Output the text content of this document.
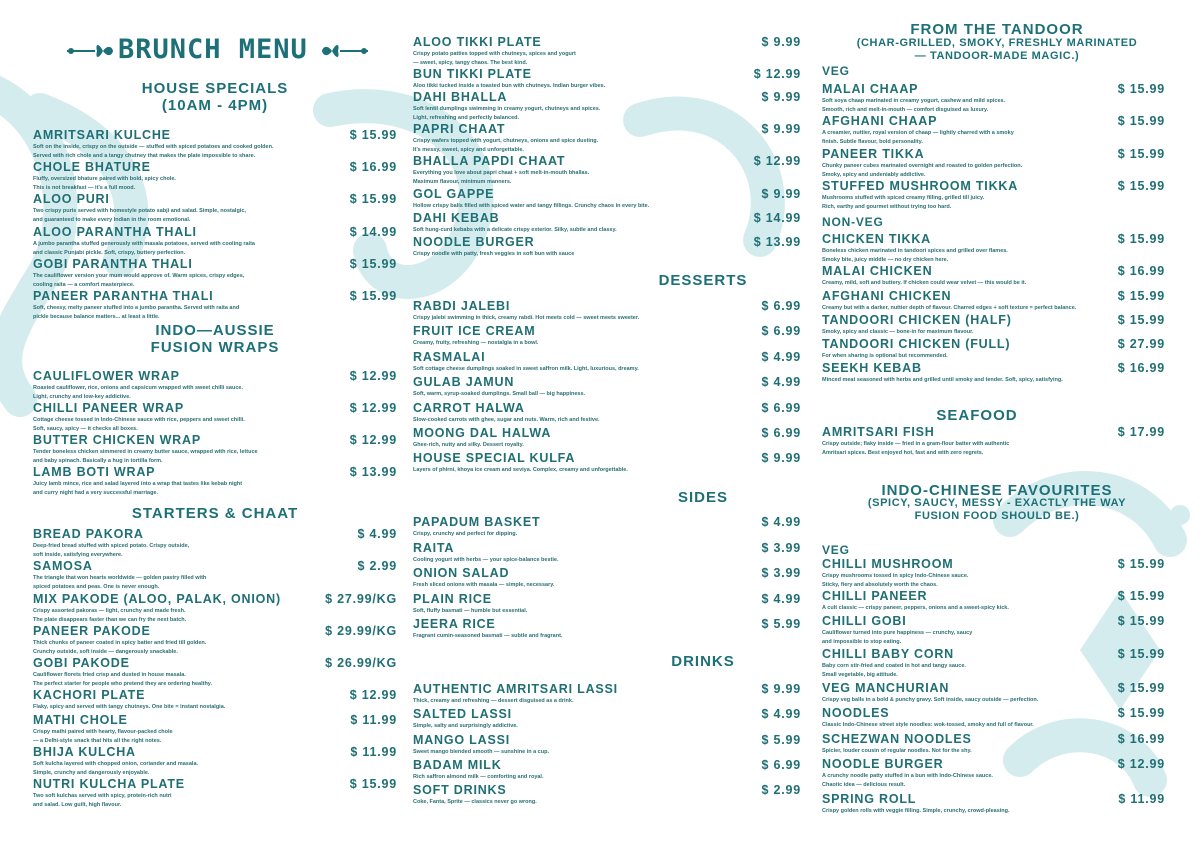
BRUNCH MENU
HOUSE SPECIALS
(10AM - 4PM)
AMRITSARI KULCHE	$ 15.99
Soft on the inside, crispy on the outside — stuffed with spiced potatoes and cooked golden.
Served with rich chole and a tangy chutney that makes the plate impossible to share.
CHOLE BHATURE	$ 16.99
Fluffy, oversized bhature paired with bold, spicy chole.
This is not breakfast — it’s a full mood.
ALOO PURI	$ 15.99
Two crispy puris served with homestyle potato sabji and salad. Simple, nostalgic,
and guaranteed to make every Indian in the room emotional.
ALOO PARANTHA THALI	$ 14.99
A jumbo parantha stuffed generously with masala potatoes, served with cooling raita
and classic Punjabi pickle. Soft, crispy, buttery perfection.
GOBI PARANTHA THALI	$ 15.99
The cauliflower version your mum would approve of. Warm spices, crispy edges,
cooling raita — a comfort masterpiece.
PANEER PARANTHA THALI	$ 15.99
Soft, cheesy, melty paneer stuffed into a jumbo parantha. Served with raita and
pickle because balance matters... at least a little.
INDO—AUSSIE
FUSION WRAPS
CAULIFLOWER WRAP	$ 12.99
Roasted cauliflower, rice, onions and capsicum wrapped with sweet chilli sauce.
Light, crunchy and low-key addictive.
CHILLI PANEER WRAP	$ 12.99
Cottage cheese tossed in Indo-Chinese sauce with rice, peppers and sweet chilli.
Soft, saucy, spicy — it checks all boxes.
BUTTER CHICKEN WRAP	$ 12.99
Tender boneless chicken simmered in creamy butter sauce, wrapped with rice, lettuce
and baby spinach. Basically a hug in tortilla form.
LAMB BOTI WRAP	$ 13.99
Juicy lamb mince, rice and salad layered into a wrap that tastes like kebab night
and curry night had a very successful marriage.
STARTERS & CHAAT
BREAD PAKORA	$ 4.99
Deep-fried bread stuffed with spiced potato. Crispy outside,
soft inside, satisfying everywhere.
SAMOSA	$ 2.99
The triangle that won hearts worldwide — golden pastry filled with
spiced potatoes and peas. One is never enough.
MIX PAKODE (ALOO, PALAK, ONION)	$ 27.99/KG
Crispy assorted pakoras — light, crunchy and made fresh.
The plate disappears faster than we can fry the next batch.
PANEER PAKODE	$ 29.99/KG
Thick chunks of paneer coated in spicy batter and fried till golden.
Crunchy outside, soft inside — dangerously snackable.
GOBI PAKODE	$ 26.99/KG
Cauliflower florets fried crisp and dusted in house masala.
The perfect starter for people who pretend they are ordering healthy.
KACHORI PLATE	$ 12.99
Flaky, spicy and served with tangy chutneys. One bite = instant nostalgia.
MATHI CHOLE	$ 11.99
Crispy mathi paired with hearty, flavour-packed chole
— a Delhi-style snack that hits all the right notes.
BHIJA KULCHA	$ 11.99
Soft kulcha layered with chopped onion, coriander and masala.
Simple, crunchy and dangerously enjoyable.
NUTRI KULCHA PLATE	$ 15.99
Two soft kulchas served with spicy, protein-rich nutri
and salad. Low guilt, high flavour.
ALOO TIKKI PLATE	$ 9.99
Crispy potato patties topped with chutneys, spices and yogurt
— sweet, spicy, tangy chaos. The best kind.
BUN TIKKI PLATE	$ 12.99
Aloo tikki tucked inside a toasted bun with chutneys. Indian burger vibes.
DAHI BHALLA	$ 9.99
Soft lentil dumplings swimming in creamy yogurt, chutneys and spices.
Light, refreshing and perfectly balanced.
PAPRI CHAAT	$ 9.99
Crispy wafers topped with yogurt, chutneys, onions and spice dusting.
It’s messy, sweet, spicy and unforgettable.
BHALLA PAPDI CHAAT	$ 12.99
Everything you love about papri chaat + soft melt-in-mouth bhallas.
Maximum flavour, minimum manners.
GOL GAPPE	$ 9.99
Hollow crispy balls filled with spiced water and tangy fillings. Crunchy chaos in every bite.
DAHI KEBAB	$ 14.99
Soft hung-curd kebabs with a delicate crispy exterior. Silky, subtle and classy.
NOODLE BURGER	$ 13.99
Crispy noodle with patty, fresh veggies in soft bun with sauce
DESSERTS
RABDI JALEBI	$ 6.99
Crispy jalebi swimming in thick, creamy rabdi. Hot meets cold — sweet meets sweeter.
FRUIT ICE CREAM	$ 6.99
Creamy, fruity, refreshing — nostalgia in a bowl.
RASMALAI	$ 4.99
Soft cottage cheese dumplings soaked in sweet saffron milk. Light, luxurious, dreamy.
GULAB JAMUN	$ 4.99
Soft, warm, syrup-soaked dumplings. Small ball — big happiness.
CARROT HALWA	$ 6.99
Slow-cooked carrots with ghee, sugar and nuts. Warm, rich and festive.
MOONG DAL HALWA	$ 6.99
Ghee-rich, nutty and silky. Dessert royalty.
HOUSE SPECIAL KULFA	$ 9.99
Layers of phirni, khoya ice cream and seviya. Complex, creamy and unforgettable.
SIDES
PAPADUM BASKET	$ 4.99
Crispy, crunchy and perfect for dipping.
RAITA	$ 3.99
Cooling yogurt with herbs — your spice-balance bestie.
ONION SALAD	$ 3.99
Fresh sliced onions with masala — simple, necessary.
PLAIN RICE	$ 4.99
Soft, fluffy basmati — humble but essential.
JEERA RICE	$ 5.99
Fragrant cumin-seasoned basmati — subtle and fragrant.
DRINKS
AUTHENTIC AMRITSARI LASSI	$ 9.99
Thick, creamy and refreshing — dessert disguised as a drink.
SALTED LASSI	$ 4.99
Simple, salty and surprisingly addictive.
MANGO LASSI	$ 5.99
Sweet mango blended smooth — sunshine in a cup.
BADAM MILK	$ 6.99
Rich saffron almond milk — comforting and royal.
SOFT DRINKS	$ 2.99
Coke, Fanta, Sprite — classics never go wrong.
FROM THE TANDOOR
(CHAR-GRILLED, SMOKY, FRESHLY MARINATED
— TANDOOR-MADE MAGIC.)
VEG
MALAI CHAAP	$ 15.99
Soft soya chaap marinated in creamy yogurt, cashew and mild spices.
Smooth, rich and melt-in-mouth — comfort disguised as luxury.
AFGHANI CHAAP	$ 15.99
A creamier, nuttier, royal version of chaap — lightly charred with a smoky
finish. Subtle flavour, bold personality.
PANEER TIKKA	$ 15.99
Chunky paneer cubes marinated overnight and roasted to golden perfection.
Smoky, spicy and undeniably addictive.
STUFFED MUSHROOM TIKKA	$ 15.99
Mushrooms stuffed with spiced creamy filling, grilled till juicy.
Rich, earthy and gourmet without trying too hard.
NON-VEG
CHICKEN TIKKA	$ 15.99
Boneless chicken marinated in tandoori spices and grilled over flames.
Smoky bite, juicy middle — no dry chicken here.
MALAI CHICKEN	$ 16.99
Creamy, mild, soft and buttery. If chicken could wear velvet — this would be it.
AFGHANI CHICKEN	$ 15.99
Creamy but with a darker, nuttier depth of flavour. Charred edges + soft texture = perfect balance.
TANDOORI CHICKEN (HALF)	$ 15.99
Smoky, spicy and classic — bone-in for maximum flavour.
TANDOORI CHICKEN (FULL)	$ 27.99
For when sharing is optional but recommended.
SEEKH KEBAB	$ 16.99
Minced meat seasoned with herbs and grilled until smoky and tender. Soft, spicy, satisfying.
SEAFOOD
AMRITSARI FISH	$ 17.99
Crispy outside; flaky inside — fried in a gram-flour batter with authentic
Amritsari spices. Best enjoyed hot, fast and with zero regrets.
INDO-CHINESE FAVOURITES
(SPICY, SAUCY, MESSY - EXACTLY THE WAY
FUSION FOOD SHOULD BE.)
VEG
CHILLI MUSHROOM	$ 15.99
Crispy mushrooms tossed in spicy Indo-Chinese sauce.
Sticky, fiery and absolutely worth the chaos.
CHILLI PANEER	$ 15.99
A cult classic — crispy paneer, peppers, onions and a sweet-spicy kick.
CHILLI GOBI	$ 15.99
Cauliflower turned into pure happiness — crunchy, saucy
and impossible to stop eating.
CHILLI BABY CORN	$ 15.99
Baby corn stir-fried and coated in hot and tangy sauce.
Small vegetable, big attitude.
VEG MANCHURIAN	$ 15.99
Crispy veg balls in a bold & punchy gravy. Soft inside, saucy outside — perfection.
NOODLES	$ 15.99
Classic Indo-Chinese street style noodles: wok-tossed, smoky and full of flavour.
SCHEZWAN NOODLES	$ 16.99
Spicier, louder cousin of regular noodles. Not for the shy.
NOODLE BURGER	$ 12.99
A crunchy noodle patty stuffed in a bun with Indo-Chinese sauce.
Chaotic idea — delicious result.
SPRING ROLL	$ 11.99
Crispy golden rolls with veggie filling. Simple, crunchy, crowd-pleasing.
